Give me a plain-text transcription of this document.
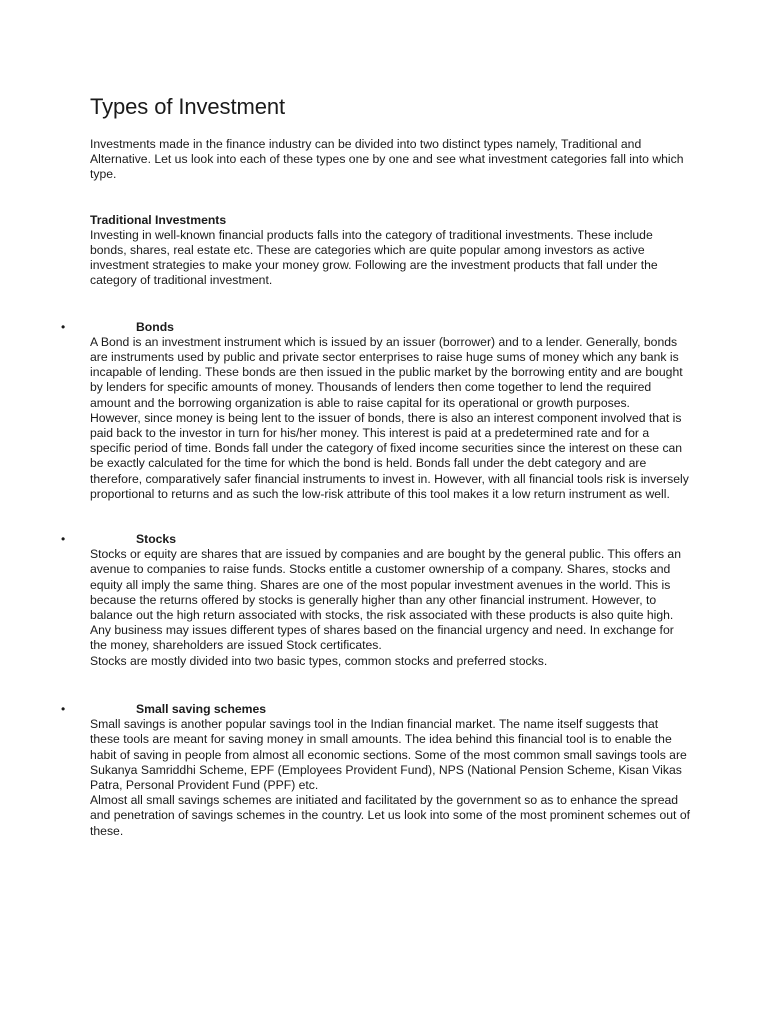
Types of Investment

Investments made in the finance industry can be divided into two distinct types namely, Traditional and Alternative. Let us look into each of these types one by one and see what investment categories fall into which type.

Traditional Investments

Investing in well-known financial products falls into the category of traditional investments. These include bonds, shares, real estate etc. These are categories which are quite popular among investors as active investment strategies to make your money grow. Following are the investment products that fall under the category of traditional investment.

•	Bonds

A Bond is an investment instrument which is issued by an issuer (borrower) and to a lender. Generally, bonds are instruments used by public and private sector enterprises to raise huge sums of money which any bank is incapable of lending. These bonds are then issued in the public market by the borrowing entity and are bought by lenders for specific amounts of money. Thousands of lenders then come together to lend the required amount and the borrowing organization is able to raise capital for its operational or growth purposes.

However, since money is being lent to the issuer of bonds, there is also an interest component involved that is paid back to the investor in turn for his/her money. This interest is paid at a predetermined rate and for a specific period of time. Bonds fall under the category of fixed income securities since the interest on these can be exactly calculated for the time for which the bond is held. Bonds fall under the debt category and are therefore, comparatively safer financial instruments to invest in. However, with all financial tools risk is inversely proportional to returns and as such the low-risk attribute of this tool makes it a low return instrument as well.

•	Stocks

Stocks or equity are shares that are issued by companies and are bought by the general public. This offers an avenue to companies to raise funds. Stocks entitle a customer ownership of a company. Shares, stocks and equity all imply the same thing. Shares are one of the most popular investment avenues in the world. This is because the returns offered by stocks is generally higher than any other financial instrument. However, to balance out the high return associated with stocks, the risk associated with these products is also quite high.

Any business may issues different types of shares based on the financial urgency and need. In exchange for the money, shareholders are issued Stock certificates.

Stocks are mostly divided into two basic types, common stocks and preferred stocks.

•	Small saving schemes

Small savings is another popular savings tool in the Indian financial market. The name itself suggests that these tools are meant for saving money in small amounts. The idea behind this financial tool is to enable the habit of saving in people from almost all economic sections. Some of the most common small savings tools are Sukanya Samriddhi Scheme, EPF (Employees Provident Fund), NPS (National Pension Scheme, Kisan Vikas Patra, Personal Provident Fund (PPF) etc.

Almost all small savings schemes are initiated and facilitated by the government so as to enhance the spread and penetration of savings schemes in the country. Let us look into some of the most prominent schemes out of these.
